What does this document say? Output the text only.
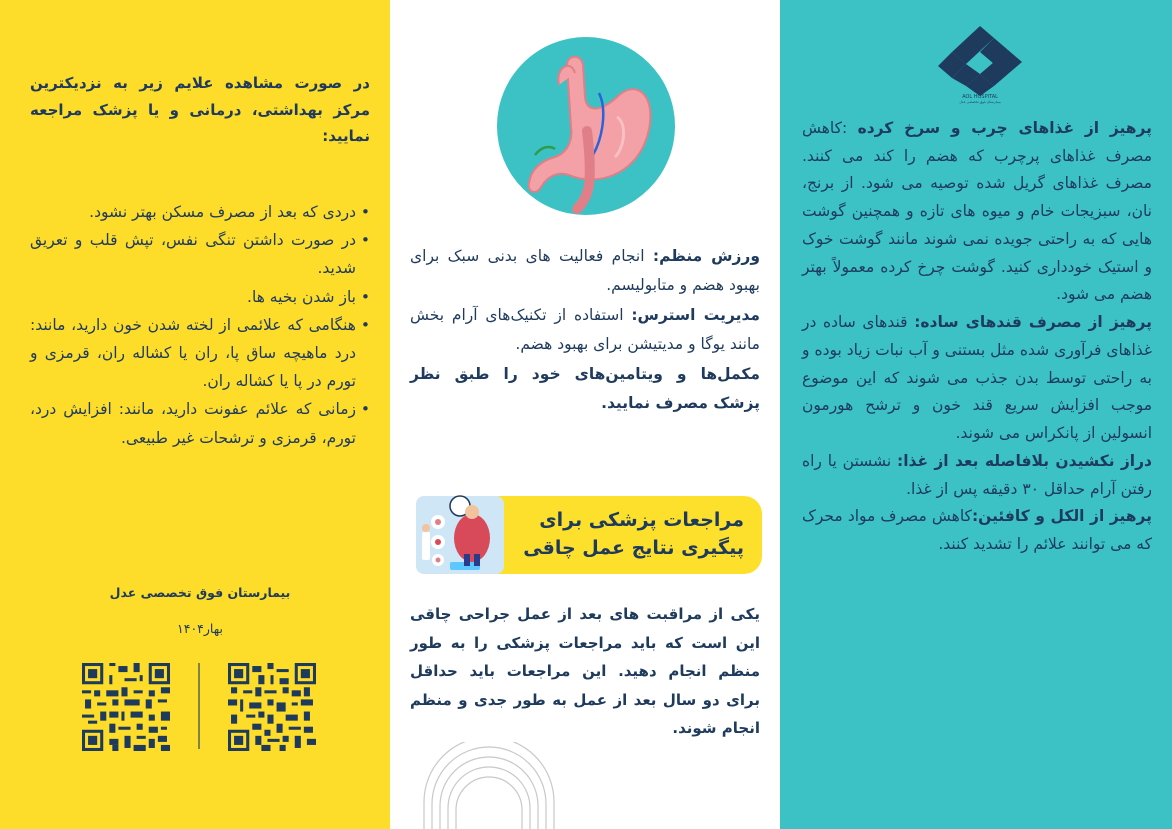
در صورت مشاهده علایم زیر به نزدیکترین مرکز بهداشتی، درمانی و یا پزشک مراجعه نمایید:

• دردی که بعد از مصرف مسکن بهتر نشود.
• در صورت داشتن تنگی نفس، تپش قلب و تعریق شدید.
• باز شدن بخیه ها.
• هنگامی که علائمی از لخته شدن خون دارید، مانند: درد ماهیچه ساق پا، ران یا کشاله ران، قرمزی و تورم در پا یا کشاله ران.
• زمانی که علائم عفونت دارید، مانند: افزایش درد، تورم، قرمزی و ترشحات غیر طبیعی.
بیمارستان فوق تخصصی عدل
بهار۱۴۰۴

ورزش منظم: انجام فعالیت های بدنی سبک برای بهبود هضم و متابولیسم.

مدیریت استرس: استفاده از تکنیک‌های آرام بخش مانند یوگا و مدیتیشن برای بهبود هضم.

مکمل‌ها و ویتامین‌های خود را طبق نظر پزشک مصرف نمایید.

مراجعات پزشکی برای پیگیری نتایج عمل چاقی

یکی از مراقبت های بعد از عمل جراحی چاقی این است که باید مراجعات پزشکی را به طور منظم انجام دهید. این مراجعات باید حداقل برای دو سال بعد از عمل به طور جدی و منظم انجام شوند.

AOL HOSPITAL
بیمارستان فوق تخصصی عدل

پرهیز از غذاهای چرب و سرخ کرده :کاهش مصرف غذاهای پرچرب که هضم را کند می کنند. مصرف غذاهای گریل شده توصیه می شود. از برنج، نان، سبزیجات خام و میوه های تازه و همچنین گوشت هایی که به راحتی جویده نمی شوند مانند گوشت خوک و استیک خودداری کنید. گوشت چرخ کرده معمولاً بهتر هضم می شود.

پرهیز از مصرف قندهای ساده: قندهای ساده در غذاهای فرآوری شده مثل بستنی و آب نبات زیاد بوده و به راحتی توسط بدن جذب می شوند که این موضوع موجب افزایش سریع قند خون و ترشح هورمون انسولین از پانکراس می شوند.

دراز نکشیدن بلافاصله بعد از غذا: نشستن یا راه رفتن آرام حداقل ۳۰ دقیقه پس از غذا.

پرهیز از الکل و کافئین:کاهش مصرف مواد محرک که می توانند علائم را تشدید کنند.
